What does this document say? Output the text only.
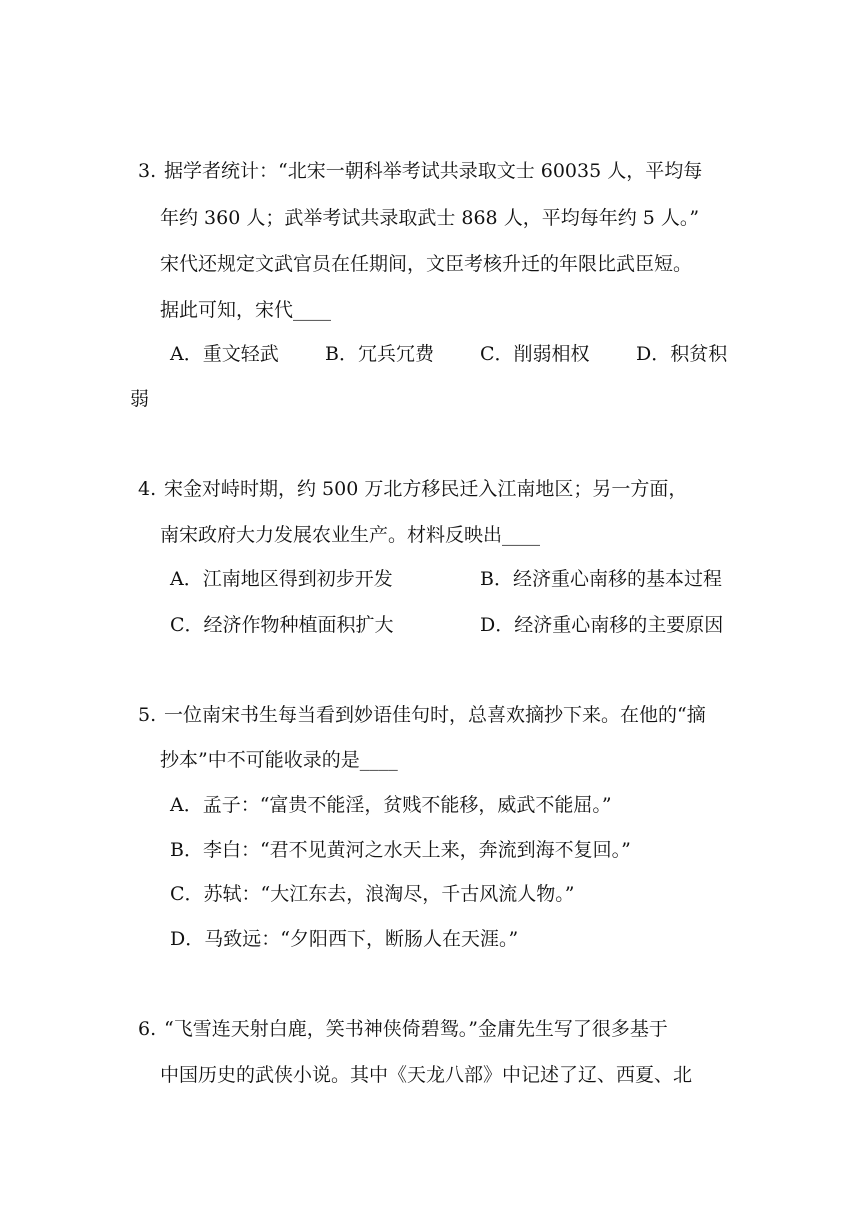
3. 据学者统计：“北宋一朝科举考试共录取文士 60035 人，平均每
年约 360 人；武举考试共录取武士 868 人，平均每年约 5 人。”
宋代还规定文武官员在任期间，文臣考核升迁的年限比武臣短。
据此可知，宋代____
A．重文轻武 B．冗兵冗费 C．削弱相权 D．积贫积
弱
4. 宋金对峙时期，约 500 万北方移民迁入江南地区；另一方面，
南宋政府大力发展农业生产。材料反映出____
A．江南地区得到初步开发	B．经济重心南移的基本过程
C．经济作物种植面积扩大	D．经济重心南移的主要原因
5. 一位南宋书生每当看到妙语佳句时，总喜欢摘抄下来。在他的“摘
抄本”中不可能收录的是____
A．孟子：“富贵不能淫，贫贱不能移，威武不能屈。”
B．李白：“君不见黄河之水天上来，奔流到海不复回。”
C．苏轼：“大江东去，浪淘尽，千古风流人物。”
D．马致远：“夕阳西下，断肠人在天涯。”
6. “飞雪连天射白鹿，笑书神侠倚碧鸳。”金庸先生写了很多基于
中国历史的武侠小说。其中《天龙八部》中记述了辽、西夏、北
